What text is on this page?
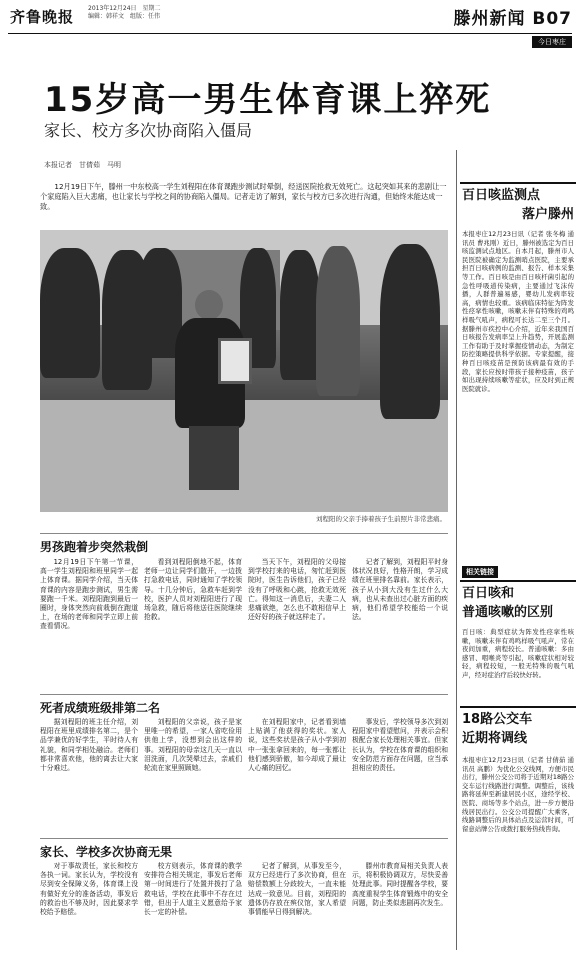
齐鲁晚报 2013年12月24日　星期二
编辑：韩祥文　组版：任伟	滕州新闻 B07
今日枣庄
15岁高一男生体育课上猝死
家长、校方多次协商陷入僵局
本报记者　甘倩茹　马明
12月19日下午，滕州一中东校高一学生刘程阳在体育课跑步测试时晕倒，经送医院抢救无效死亡。这起突如其来的悲剧让一个家庭陷入巨大悲痛，也让家长与学校之间的协商陷入僵局。记者走访了解到，家长与校方已多次进行沟通，但始终未能达成一致。
刘程阳的父亲手捧着孩子生前照片非常悲痛。
男孩跑着步突然栽倒

12月19日下午第一节课，高一学生刘程阳和班里同学一起上体育课。据同学介绍，当天体育课的内容是跑步测试，男生需要跑一千米。刘程阳跑到最后一圈时，身体突然向前栽倒在跑道上，在场的老师和同学立即上前查看情况。

看到刘程阳倒地不起，体育老师一边让同学们散开，一边拨打急救电话，同时通知了学校领导。十几分钟后，急救车赶到学校，医护人员对刘程阳进行了现场急救，随后将他送往医院继续抢救。

当天下午，刘程阳的父母接到学校打来的电话，匆忙赶到医院时，医生告诉他们，孩子已经没有了呼吸和心跳，抢救无效死亡。得知这一消息后，夫妻二人悲痛欲绝，怎么也不敢相信早上还好好的孩子就这样走了。

记者了解到，刘程阳平时身体状况良好，性格开朗，学习成绩在班里排名靠前。家长表示，孩子从小到大没有生过什么大病，也从未查出过心脏方面的疾病，他们希望学校能给一个说法。

死者成绩班级排第二名

据刘程阳的班主任介绍，刘程阳在班里成绩排名第二，是个品学兼优的好学生，平时待人有礼貌，和同学相处融洽。老师们都非常喜欢他，他的离去让大家十分难过。

刘程阳的父亲说，孩子是家里唯一的希望，一家人省吃俭用供他上学，没想到会出这样的事。刘程阳的母亲这几天一直以泪洗面，几次哭晕过去，亲戚们轮流在家里照顾她。

在刘程阳家中，记者看到墙上贴满了他获得的奖状。家人说，这些奖状是孩子从小学到初中一张张拿回来的，每一张都让他们感到骄傲，如今却成了最让人心痛的回忆。

事发后，学校领导多次到刘程阳家中看望慰问，并表示会积极配合家长处理相关事宜。但家长认为，学校在体育课的组织和安全防范方面存在问题，应当承担相应的责任。

家长、学校多次协商无果

对于事故责任，家长和校方各执一词。家长认为，学校没有尽到安全保障义务，体育课上没有做好充分的准备活动，事发后的救治也不够及时，因此要求学校给予赔偿。

校方则表示，体育课的教学安排符合相关规定，事发后老师第一时间进行了处置并拨打了急救电话，学校在此事中不存在过错，但出于人道主义愿意给予家长一定的补偿。

记者了解到，从事发至今，双方已经进行了多次协商，但在赔偿数额上分歧较大，一直未能达成一致意见。目前，刘程阳的遗体仍存放在殡仪馆，家人希望事情能早日得到解决。

滕州市教育局相关负责人表示，将积极协调双方，尽快妥善处理此事。同时提醒各学校，要高度重视学生体育锻炼中的安全问题，防止类似悲剧再次发生。

百日咳监测点
落户滕州
本报枣庄12月23日讯（记者 张冬梅 通讯员 曹兆刚）近日，滕州被选定为百日咳监测试点地区。自本月起，滕州市人民医院被确定为监测哨点医院，主要承担百日咳病例的监测、报告、样本采集等工作。百日咳是由百日咳杆菌引起的急性呼吸道传染病，主要通过飞沫传播，人群普遍易感，婴幼儿发病率较高，病情也较重。该病临床特征为阵发性痉挛性咳嗽，咳嗽末伴有特殊的鸡鸣样吸气吼声，病程可长达二至三个月。据滕州市疾控中心介绍，近年来我国百日咳报告发病率呈上升趋势，开展监测工作有助于及时掌握疫情动态，为制定防控策略提供科学依据。专家提醒，接种百日咳疫苗是预防该病最有效的手段，家长应按时带孩子接种疫苗，孩子如出现持续咳嗽等症状，应及时到正规医院就诊。
相关链接
百日咳和
普通咳嗽的区别
百日咳：典型症状为阵发性痉挛性咳嗽，咳嗽末伴有鸡鸣样吸气吼声，常在夜间加重，病程较长。普通咳嗽：多由感冒、咽喉炎等引起，咳嗽症状相对较轻，病程较短，一般无特殊的吸气吼声，经对症治疗后较快好转。
18路公交车
近期将调线
本报枣庄12月23日讯（记者 甘倩茹 通讯员 高鹏）为优化公交线网，方便市民出行，滕州公交公司将于近期对18路公交车运行线路进行调整。调整后，该线路将延伸至新建居民小区，途经学校、医院、商场等多个站点，进一步方便沿线居民出行。公交公司提醒广大乘客，线路调整后的具体站点及运营时间，可留意站牌公告或拨打服务热线咨询。
